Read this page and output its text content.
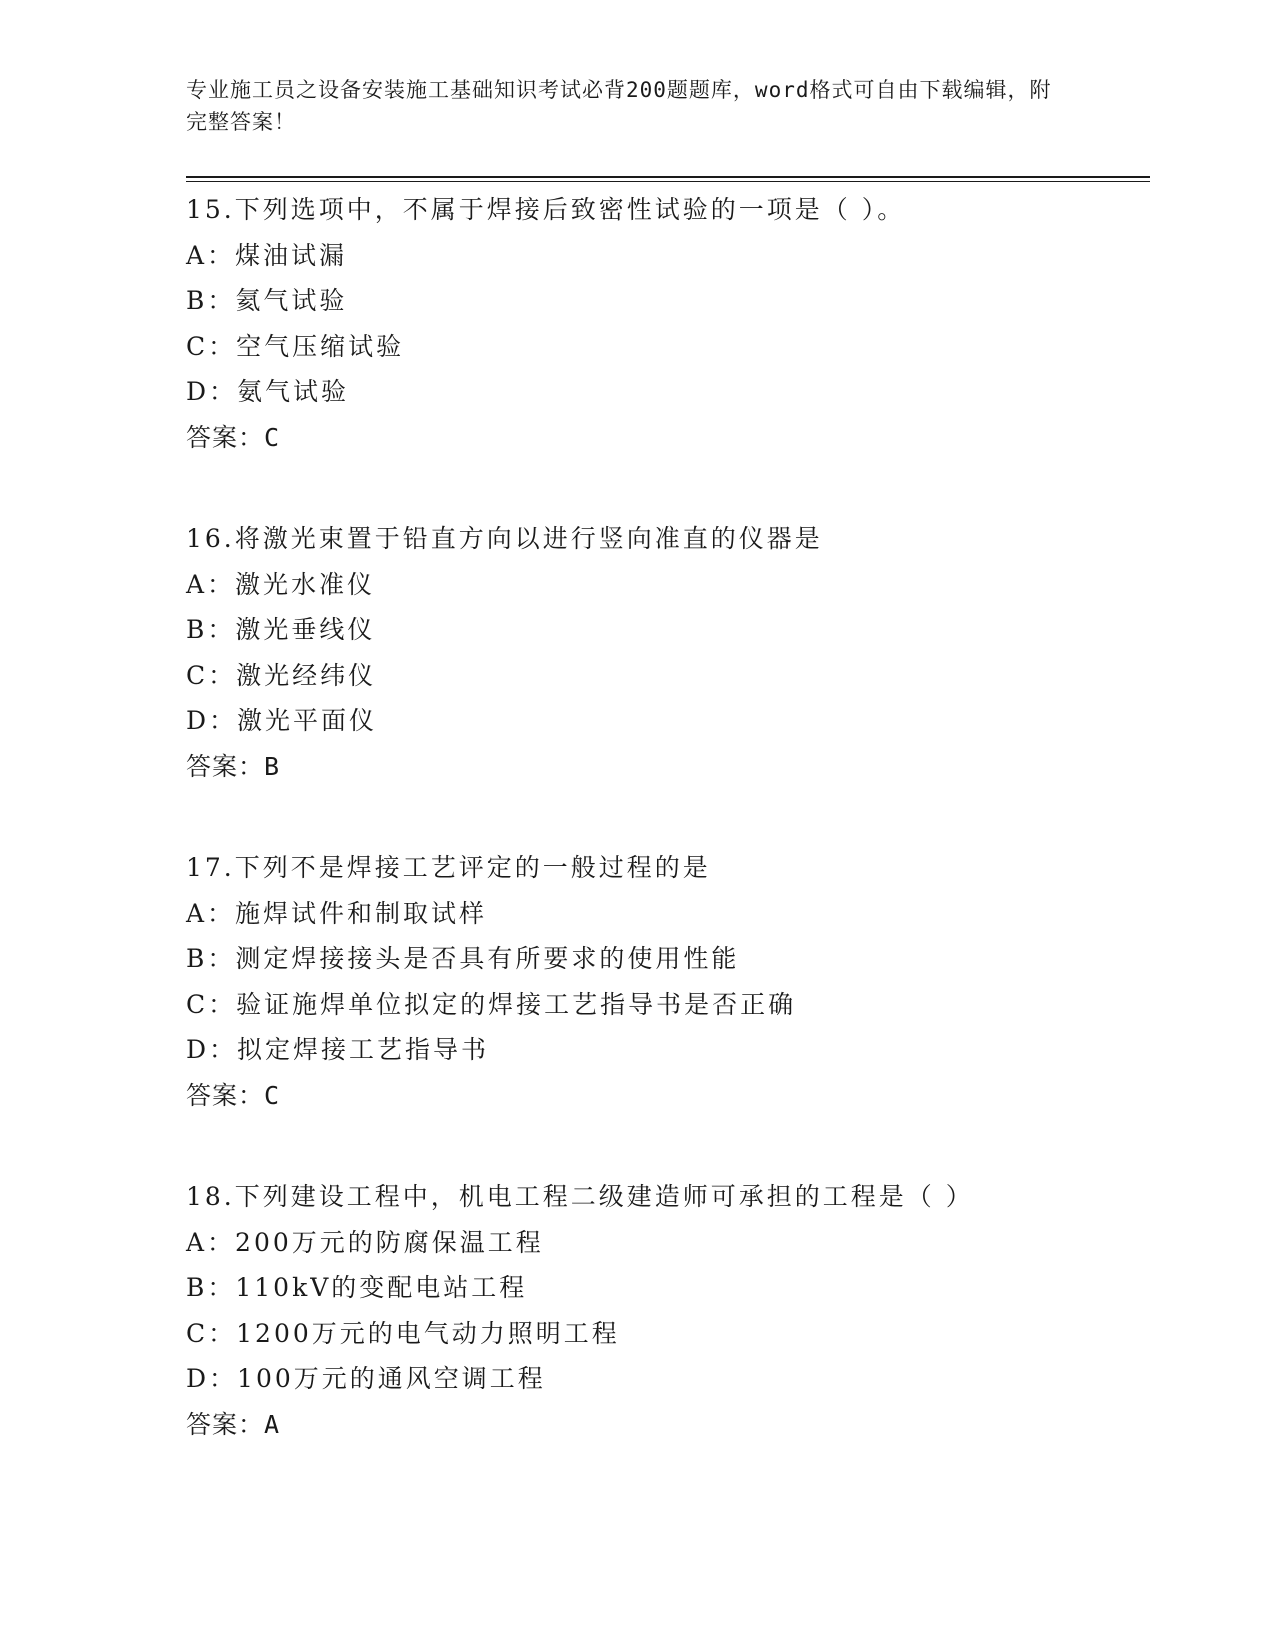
专业施工员之设备安装施工基础知识考试必背200题题库，word格式可自由下载编辑，附完整答案！
15.下列选项中，不属于焊接后致密性试验的一项是（ ）。
A：煤油试漏
B：氦气试验
C：空气压缩试验
D：氨气试验
答案：C
16.将激光束置于铅直方向以进行竖向准直的仪器是
A：激光水准仪
B：激光垂线仪
C：激光经纬仪
D：激光平面仪
答案：B
17.下列不是焊接工艺评定的一般过程的是
A：施焊试件和制取试样
B：测定焊接接头是否具有所要求的使用性能
C：验证施焊单位拟定的焊接工艺指导书是否正确
D：拟定焊接工艺指导书
答案：C
18.下列建设工程中，机电工程二级建造师可承担的工程是（ ）
A：200万元的防腐保温工程
B：110kV的变配电站工程
C：1200万元的电气动力照明工程
D：100万元的通风空调工程
答案：A
